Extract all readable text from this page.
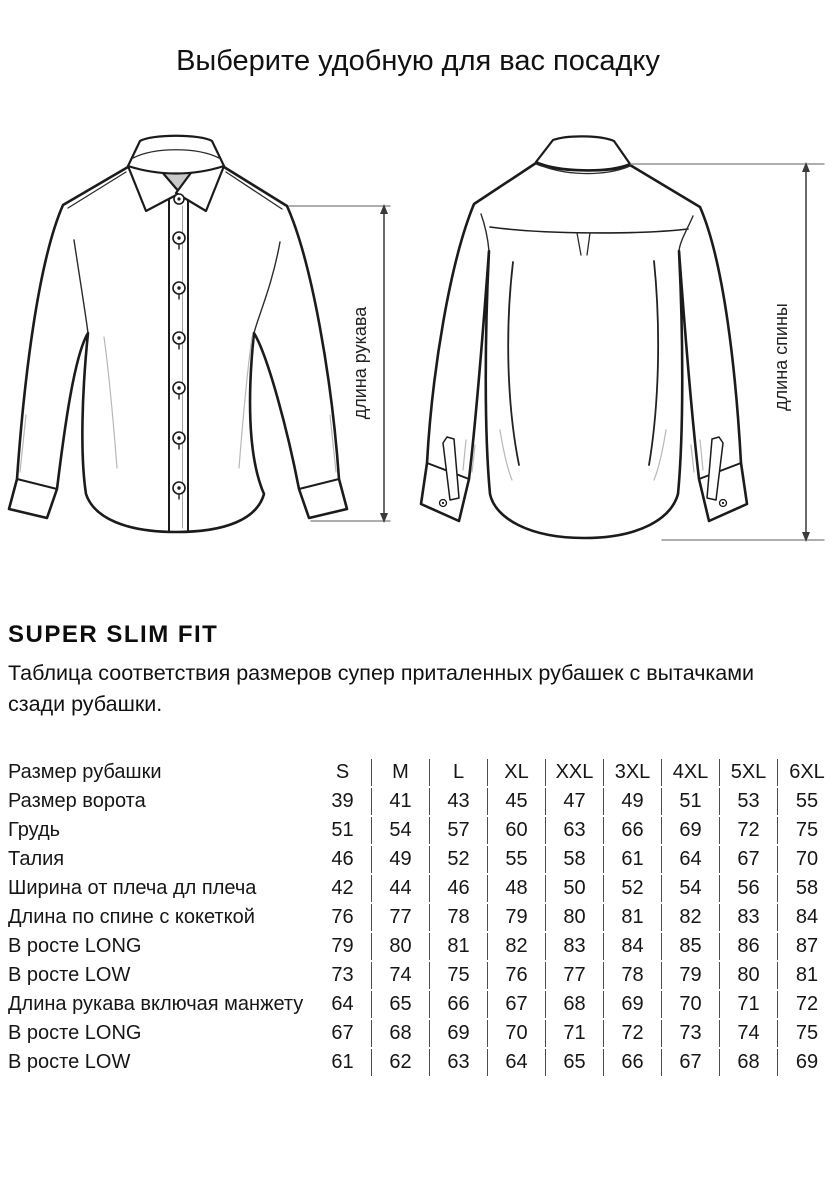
Выберите удобную для вас посадку
длина рукава	длина спины
SUPER SLIM FIT
Таблица соответствия размеров супер приталенных рубашек с вытачками
сзади рубашки.
Размер рубашки	S	M	L	XL	XXL	3XL	4XL	5XL	6XL
Размер ворота	39	41	43	45	47	49	51	53	55
Грудь	51	54	57	60	63	66	69	72	75
Талия	46	49	52	55	58	61	64	67	70
Ширина от плеча дл плеча	42	44	46	48	50	52	54	56	58
Длина по спине с кокеткой	76	77	78	79	80	81	82	83	84
В росте LONG	79	80	81	82	83	84	85	86	87
В росте LOW	73	74	75	76	77	78	79	80	81
Длина рукава включая манжету	64	65	66	67	68	69	70	71	72
В росте LONG	67	68	69	70	71	72	73	74	75
В росте LOW	61	62	63	64	65	66	67	68	69
